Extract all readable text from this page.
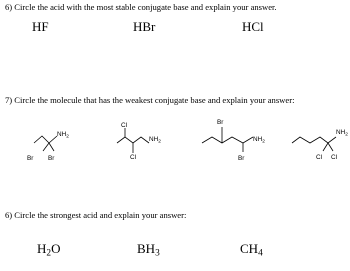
6) Circle the acid with the most stable conjugate base and explain your answer.
HF	HBr	HCl
7) Circle the molecule that has the weakest conjugate base and explain your answer:
$NH_2$
Br Br
Cl
$NH_2$
Cl
Br
$NH_2$
Br
$NH_2$
Cl Cl
6) Circle the strongest acid and explain your answer:
$H_2O$	$BH_3$	$CH_4$
